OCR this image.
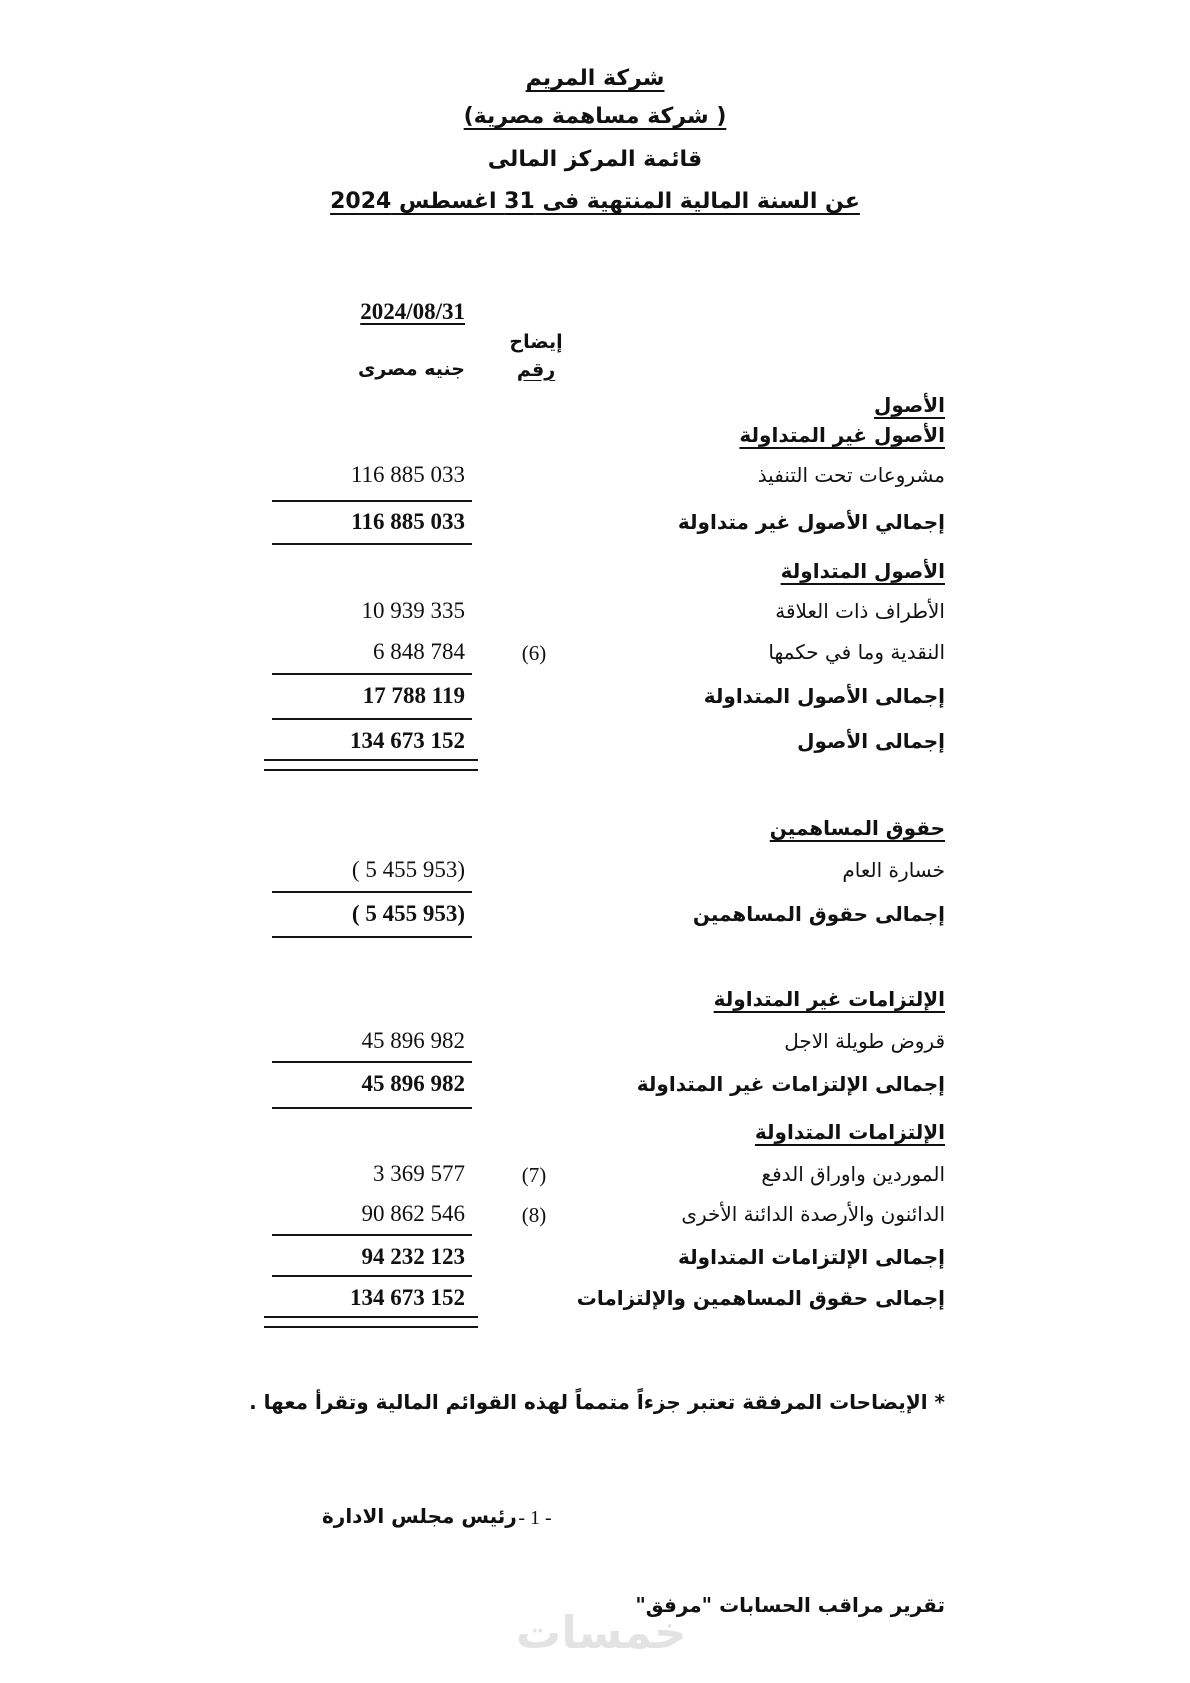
شركة المريم
( شركة مساهمة مصرية)
قائمة المركز المالى
عن السنة المالية المنتهية فى 31 اغسطس 2024
2024/08/31
إيضاح
رقم
جنيه مصرى
الأصول
الأصول غير المتداولة
مشروعات تحت التنفيذ
116 885 033
إجمالي الأصول غير متداولة
116 885 033
الأصول المتداولة
الأطراف ذات العلاقة
10 939 335
النقدية وما في حكمها
(6)
6 848 784
إجمالى الأصول المتداولة
17 788 119
إجمالى الأصول
134 673 152
حقوق المساهمين
خسارة العام
( 5 455 953)
إجمالى حقوق المساهمين
( 5 455 953)
الإلتزامات غير المتداولة
قروض طويلة الاجل
45 896 982
إجمالى الإلتزامات غير المتداولة
45 896 982
الإلتزامات المتداولة
الموردين واوراق الدفع
(7)
3 369 577
الدائنون والأرصدة الدائنة الأخرى
(8)
90 862 546
إجمالى الإلتزامات المتداولة
94 232 123
إجمالى حقوق المساهمين والإلتزامات
134 673 152
* الإيضاحات المرفقة تعتبر جزءاً متمماً لهذه القوائم المالية وتقرأ معها .
رئيس مجلس الادارة - 1 -
تقرير مراقب الحسابات "مرفق"
خمسات
